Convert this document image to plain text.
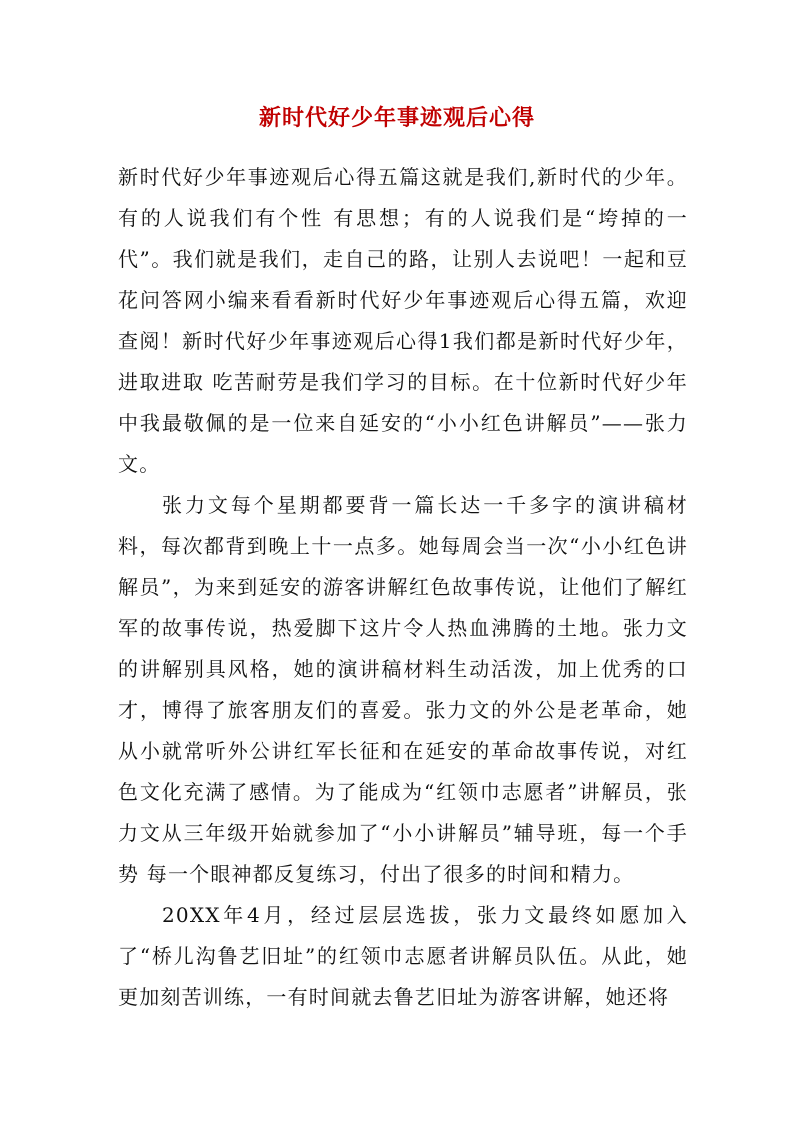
新时代好少年事迹观后心得

新时代好少年事迹观后心得五篇这就是我们,新时代的少年。有的人说我们有个性 有思想；有的人说我们是“垮掉的一代”。我们就是我们，走自己的路，让别人去说吧！一起和豆花问答网小编来看看新时代好少年事迹观后心得五篇，欢迎查阅！新时代好少年事迹观后心得1我们都是新时代好少年，进取进取 吃苦耐劳是我们学习的目标。在十位新时代好少年中我最敬佩的是一位来自延安的“小小红色讲解员”——张力文。

张力文每个星期都要背一篇长达一千多字的演讲稿材料，每次都背到晚上十一点多。她每周会当一次“小小红色讲解员”，为来到延安的游客讲解红色故事传说，让他们了解红军的故事传说，热爱脚下这片令人热血沸腾的土地。张力文的讲解别具风格，她的演讲稿材料生动活泼，加上优秀的口才，博得了旅客朋友们的喜爱。张力文的外公是老革命，她从小就常听外公讲红军长征和在延安的革命故事传说，对红色文化充满了感情。为了能成为“红领巾志愿者”讲解员，张力文从三年级开始就参加了“小小讲解员”辅导班，每一个手势 每一个眼神都反复练习，付出了很多的时间和精力。

20XX年4月，经过层层选拔，张力文最终如愿加入了“桥儿沟鲁艺旧址”的红领巾志愿者讲解员队伍。从此，她更加刻苦训练，一有时间就去鲁艺旧址为游客讲解，她还将
